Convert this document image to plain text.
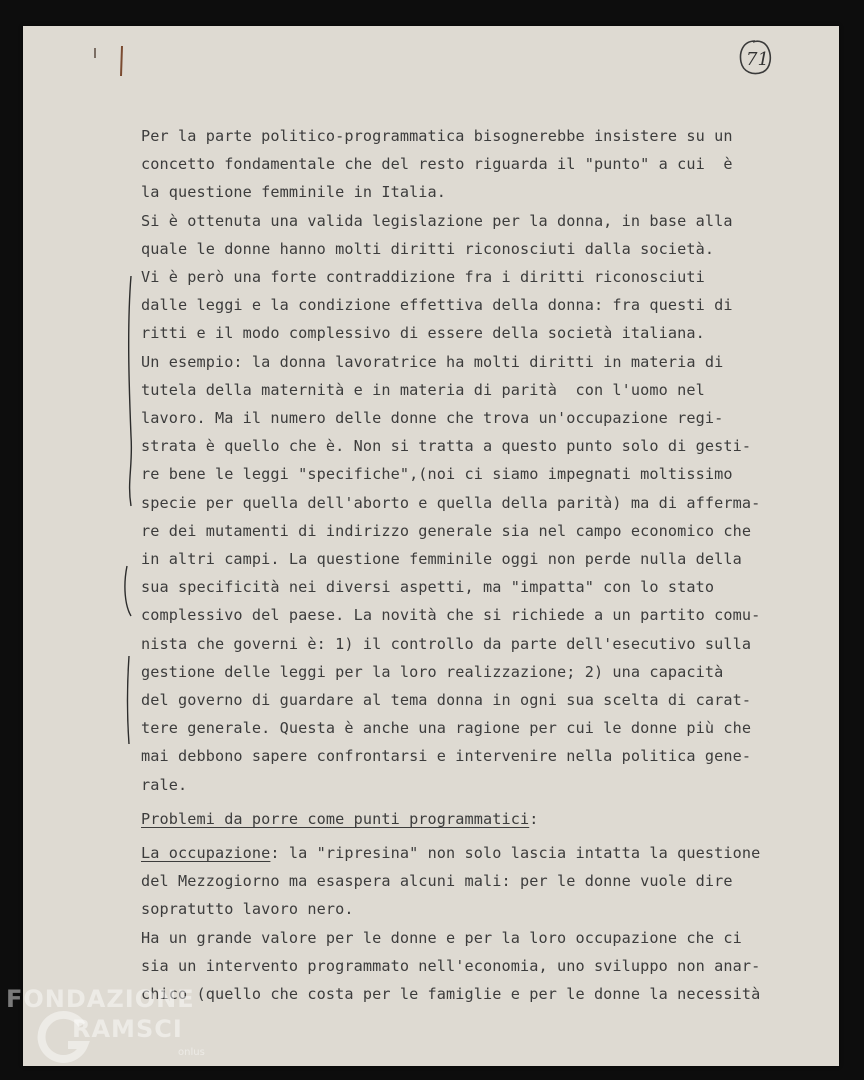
71
Per la parte politico-programmatica bisognerebbe insistere su un
concetto fondamentale che del resto riguarda il "punto" a cui  è
la questione femminile in Italia.
Si è ottenuta una valida legislazione per la donna, in base alla
quale le donne hanno molti diritti riconosciuti dalla società.
Vi è però una forte contraddizione fra i diritti riconosciuti
dalle leggi e la condizione effettiva della donna: fra questi di
ritti e il modo complessivo di essere della società italiana.
Un esempio: la donna lavoratrice ha molti diritti in materia di
tutela della maternità e in materia di parità  con l'uomo nel
lavoro. Ma il numero delle donne che trova un'occupazione regi-
strata è quello che è. Non si tratta a questo punto solo di gesti-
re bene le leggi "specifiche",(noi ci siamo impegnati moltissimo
specie per quella dell'aborto e quella della parità) ma di afferma-
re dei mutamenti di indirizzo generale sia nel campo economico che
in altri campi. La questione femminile oggi non perde nulla della
sua specificità nei diversi aspetti, ma "impatta" con lo stato
complessivo del paese. La novità che si richiede a un partito comu-
nista che governi è: 1) il controllo da parte dell'esecutivo sulla
gestione delle leggi per la loro realizzazione; 2) una capacità
del governo di guardare al tema donna in ogni sua scelta di carat-
tere generale. Questa è anche una ragione per cui le donne più che
mai debbono sapere confrontarsi e intervenire nella politica gene-
rale.
Problemi da porre come punti programmatici:
La occupazione: la "ripresina" non solo lascia intatta la questione
del Mezzogiorno ma esaspera alcuni mali: per le donne vuole dire
sopratutto lavoro nero.
Ha un grande valore per le donne e per la loro occupazione che ci
sia un intervento programmato nell'economia, uno sviluppo non anar-
chico (quello che costa per le famiglie e per le donne la necessità
FONDAZIONE
RAMSCI
onlus
